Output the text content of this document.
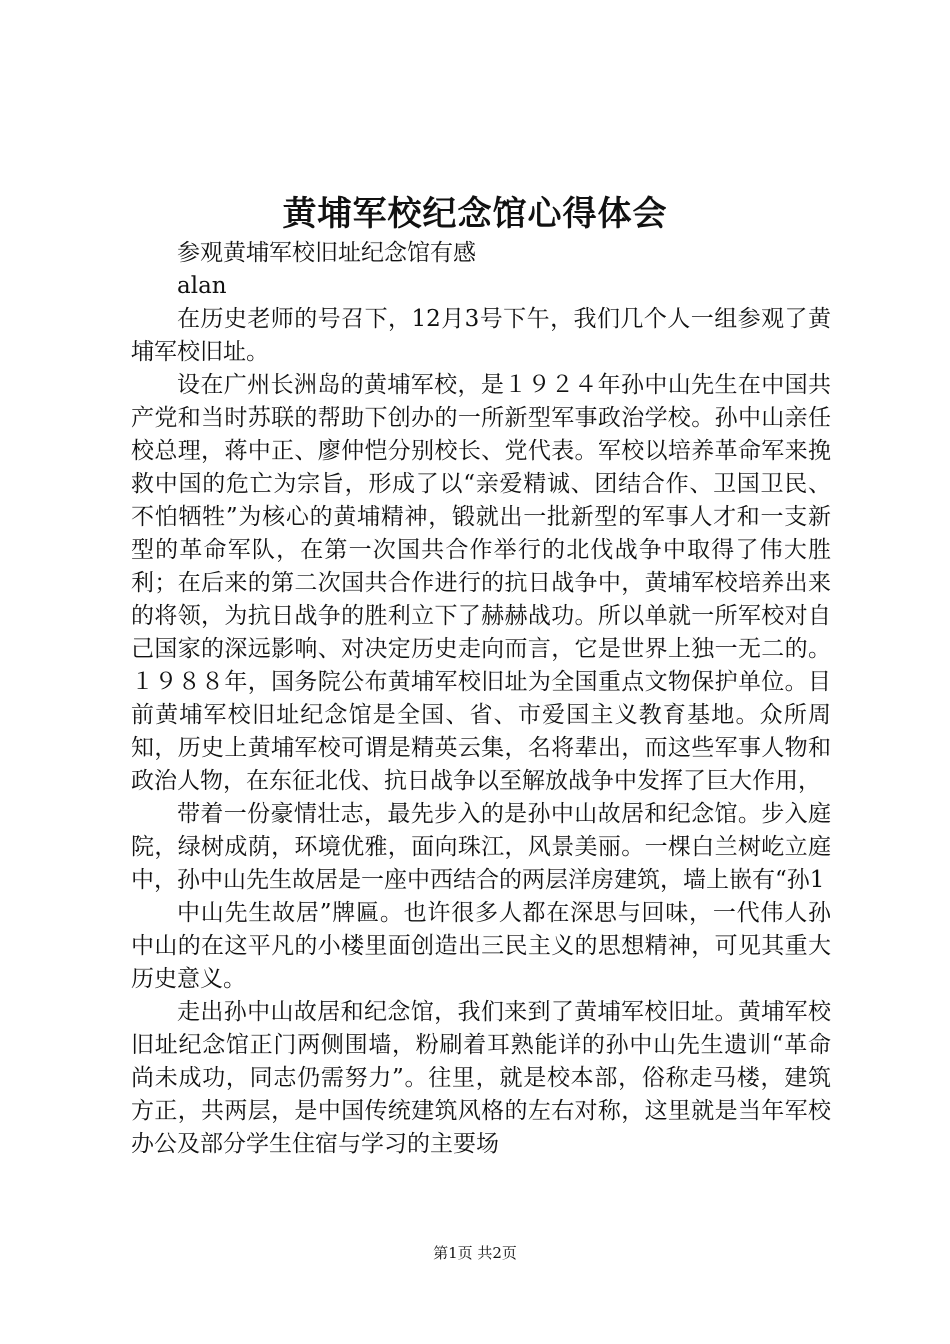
黄埔军校纪念馆心得体会

参观黄埔军校旧址纪念馆有感

alan

在历史老师的号召下，12月3号下午，我们几个人一组参观了黄埔军校旧址。

设在广州长洲岛的黄埔军校，是１９２４年孙中山先生在中国共产党和当时苏联的帮助下创办的一所新型军事政治学校。孙中山亲任校总理，蒋中正、廖仲恺分别校长、党代表。军校以培养革命军来挽救中国的危亡为宗旨，形成了以“亲爱精诚、团结合作、卫国卫民、不怕牺牲”为核心的黄埔精神，锻就出一批新型的军事人才和一支新型的革命军队，在第一次国共合作举行的北伐战争中取得了伟大胜利；在后来的第二次国共合作进行的抗日战争中，黄埔军校培养出来的将领，为抗日战争的胜利立下了赫赫战功。所以单就一所军校对自己国家的深远影响、对决定历史走向而言，它是世界上独一无二的。１９８８年，国务院公布黄埔军校旧址为全国重点文物保护单位。目前黄埔军校旧址纪念馆是全国、省、市爱国主义教育基地。众所周知，历史上黄埔军校可谓是精英云集，名将辈出，而这些军事人物和政治人物，在东征北伐、抗日战争以至解放战争中发挥了巨大作用，

带着一份豪情壮志，最先步入的是孙中山故居和纪念馆。步入庭院，绿树成荫，环境优雅，面向珠江，风景美丽。一棵白兰树屹立庭中，孙中山先生故居是一座中西结合的两层洋房建筑，墙上嵌有“孙1

中山先生故居”牌匾。也许很多人都在深思与回味，一代伟人孙中山的在这平凡的小楼里面创造出三民主义的思想精神，可见其重大历史意义。

走出孙中山故居和纪念馆，我们来到了黄埔军校旧址。黄埔军校旧址纪念馆正门两侧围墙，粉刷着耳熟能详的孙中山先生遗训“革命尚未成功，同志仍需努力”。往里，就是校本部，俗称走马楼，建筑方正，共两层，是中国传统建筑风格的左右对称，这里就是当年军校办公及部分学生住宿与学习的主要场

第1页 共2页
